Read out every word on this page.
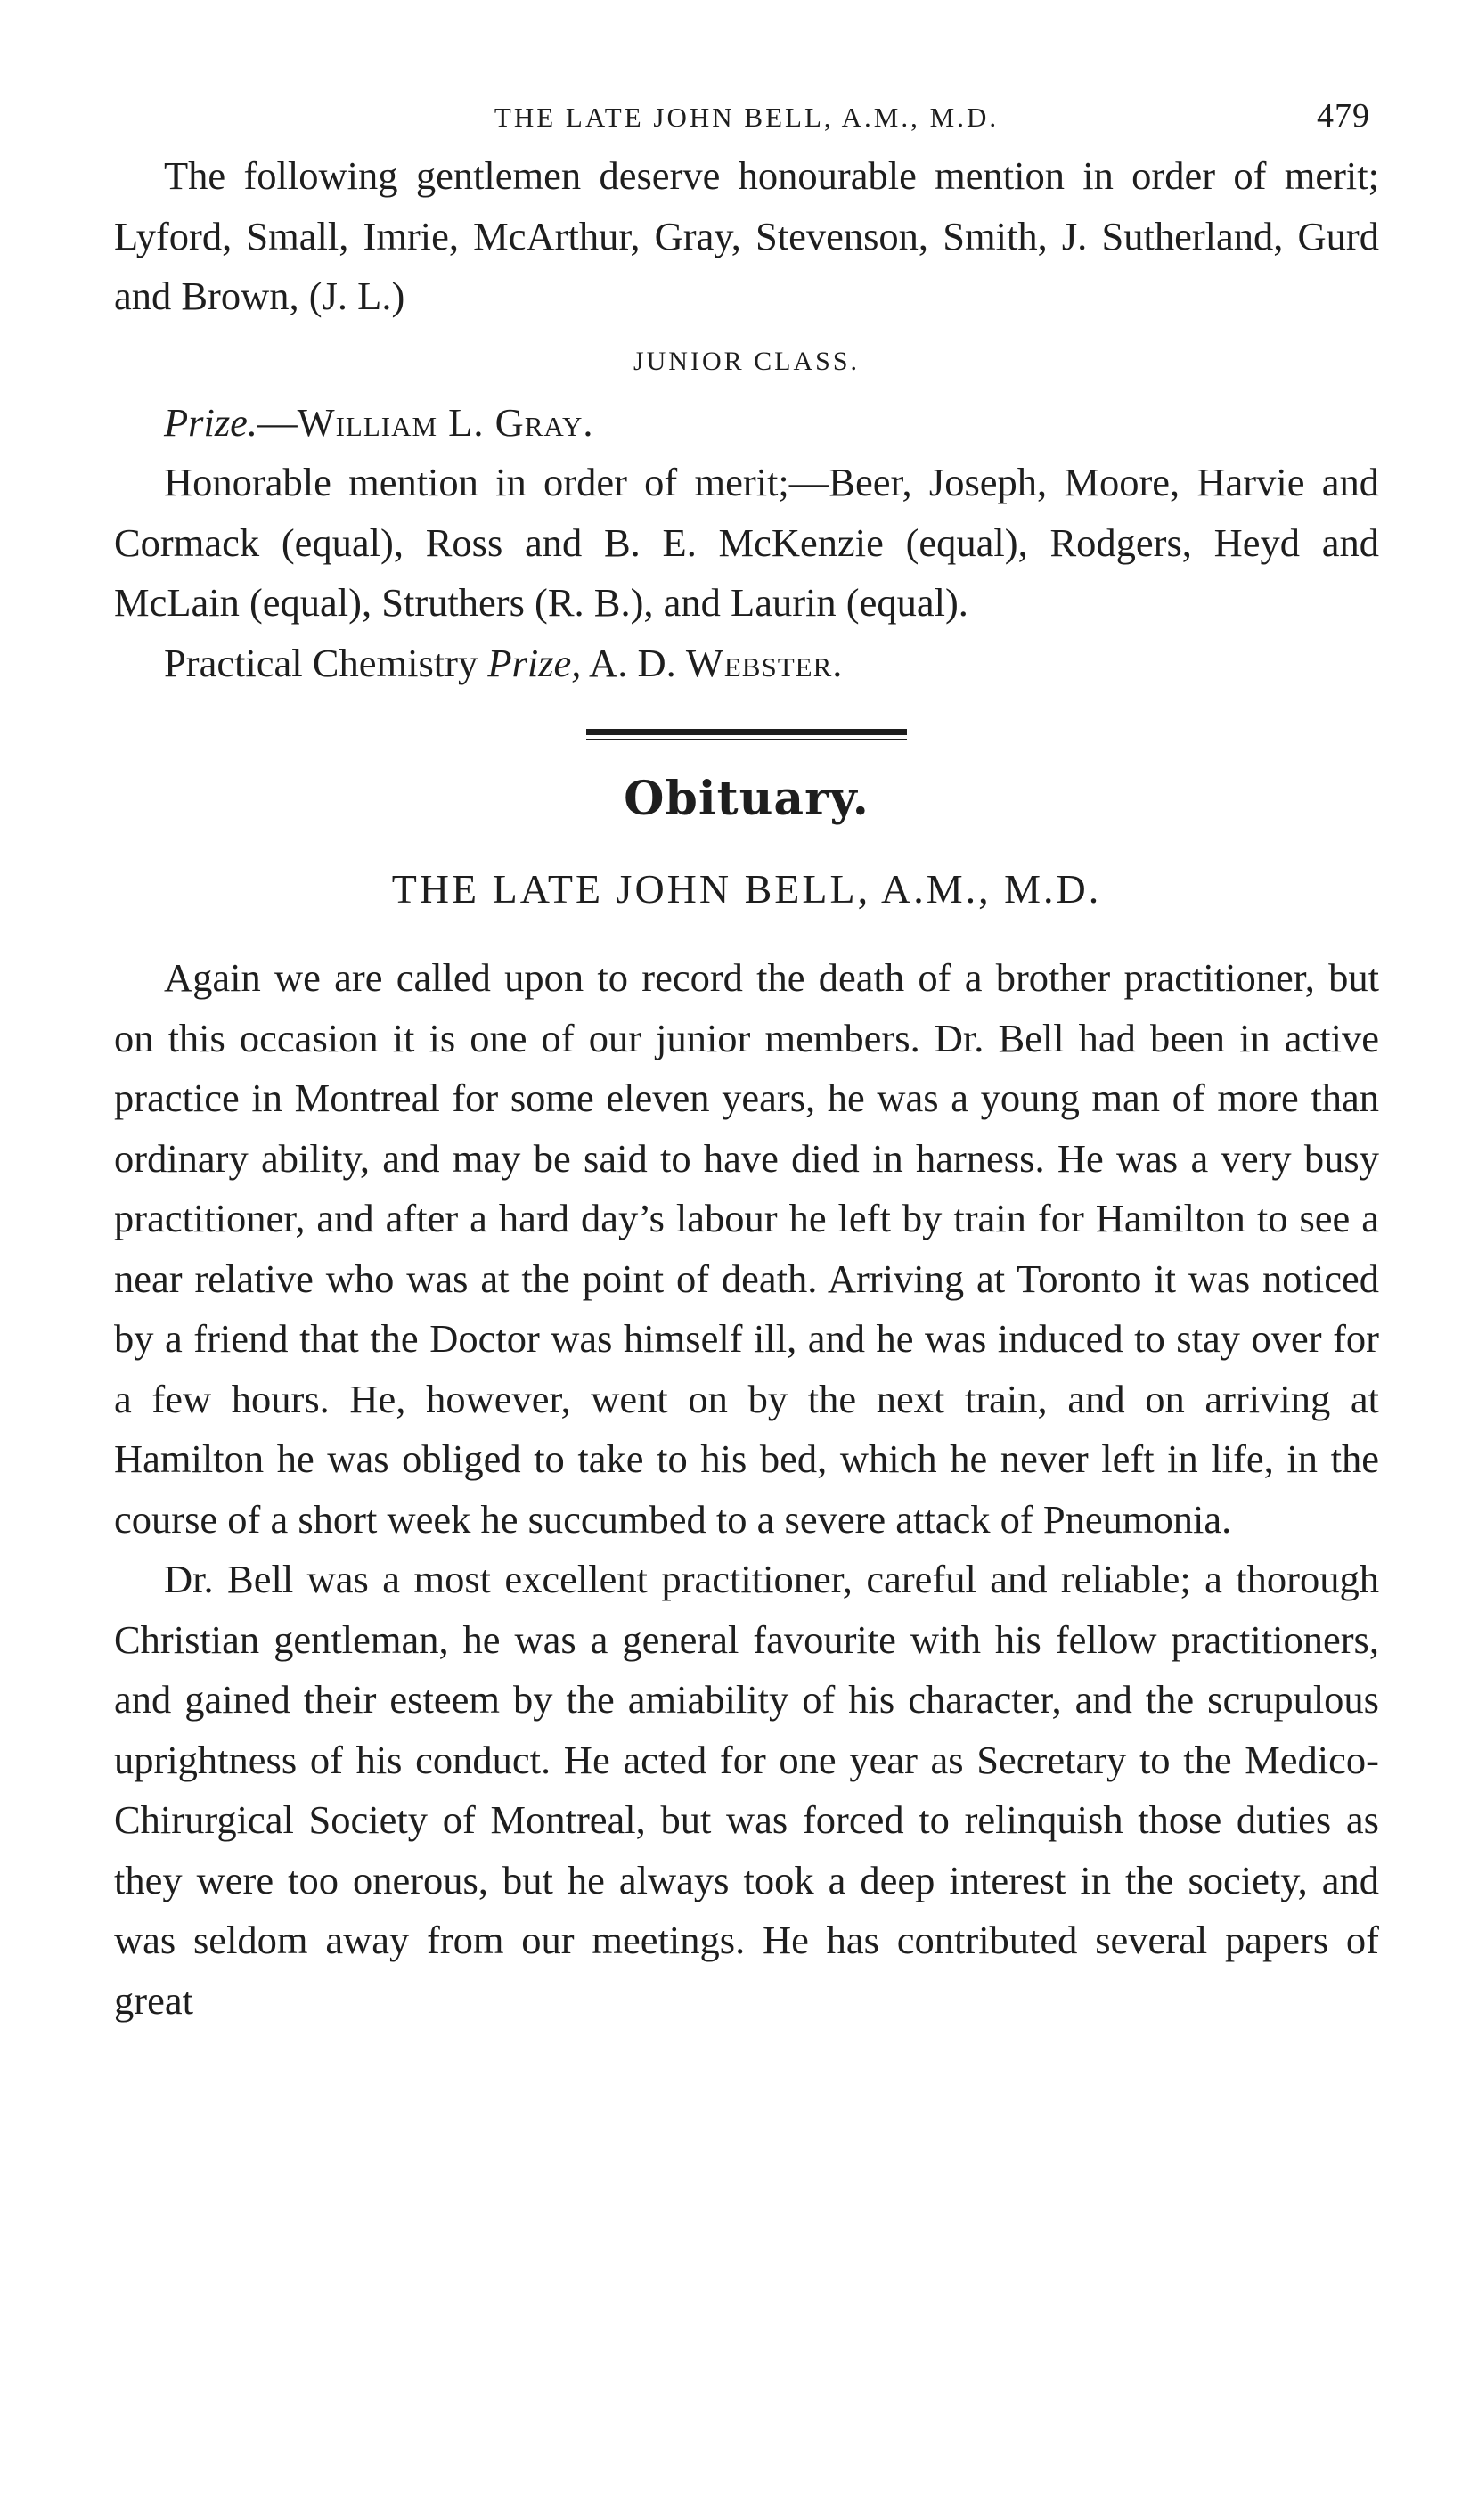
THE LATE JOHN BELL, A.M., M.D.	479

The following gentlemen deserve honourable mention in order of merit; Lyford, Small, Imrie, McArthur, Gray, Stevenson, Smith, J. Sutherland, Gurd and Brown, (J. L.)

JUNIOR CLASS.

Prize.—William L. Gray.

Honorable mention in order of merit;—Beer, Joseph, Moore, Harvie and Cormack (equal), Ross and B. E. McKenzie (equal), Rodgers, Heyd and McLain (equal), Struthers (R. B.), and Laurin (equal).

Practical Chemistry Prize, A. D. Webster.

Obituary.
THE LATE JOHN BELL, A.M., M.D.

Again we are called upon to record the death of a brother practitioner, but on this occasion it is one of our junior members. Dr. Bell had been in active practice in Montreal for some eleven years, he was a young man of more than ordinary ability, and may be said to have died in harness. He was a very busy practitioner, and after a hard day’s labour he left by train for Hamilton to see a near relative who was at the point of death. Arriving at Toronto it was noticed by a friend that the Doctor was himself ill, and he was induced to stay over for a few hours. He, however, went on by the next train, and on arriving at Hamilton he was obliged to take to his bed, which he never left in life, in the course of a short week he succumbed to a severe attack of Pneumonia.

Dr. Bell was a most excellent practitioner, careful and reliable; a thorough Christian gentleman, he was a general favourite with his fellow practitioners, and gained their esteem by the amiability of his character, and the scrupulous uprightness of his conduct. He acted for one year as Secretary to the Medico-Chirurgical Society of Montreal, but was forced to relinquish those duties as they were too onerous, but he always took a deep interest in the society, and was seldom away from our meetings. He has contributed several papers of great
